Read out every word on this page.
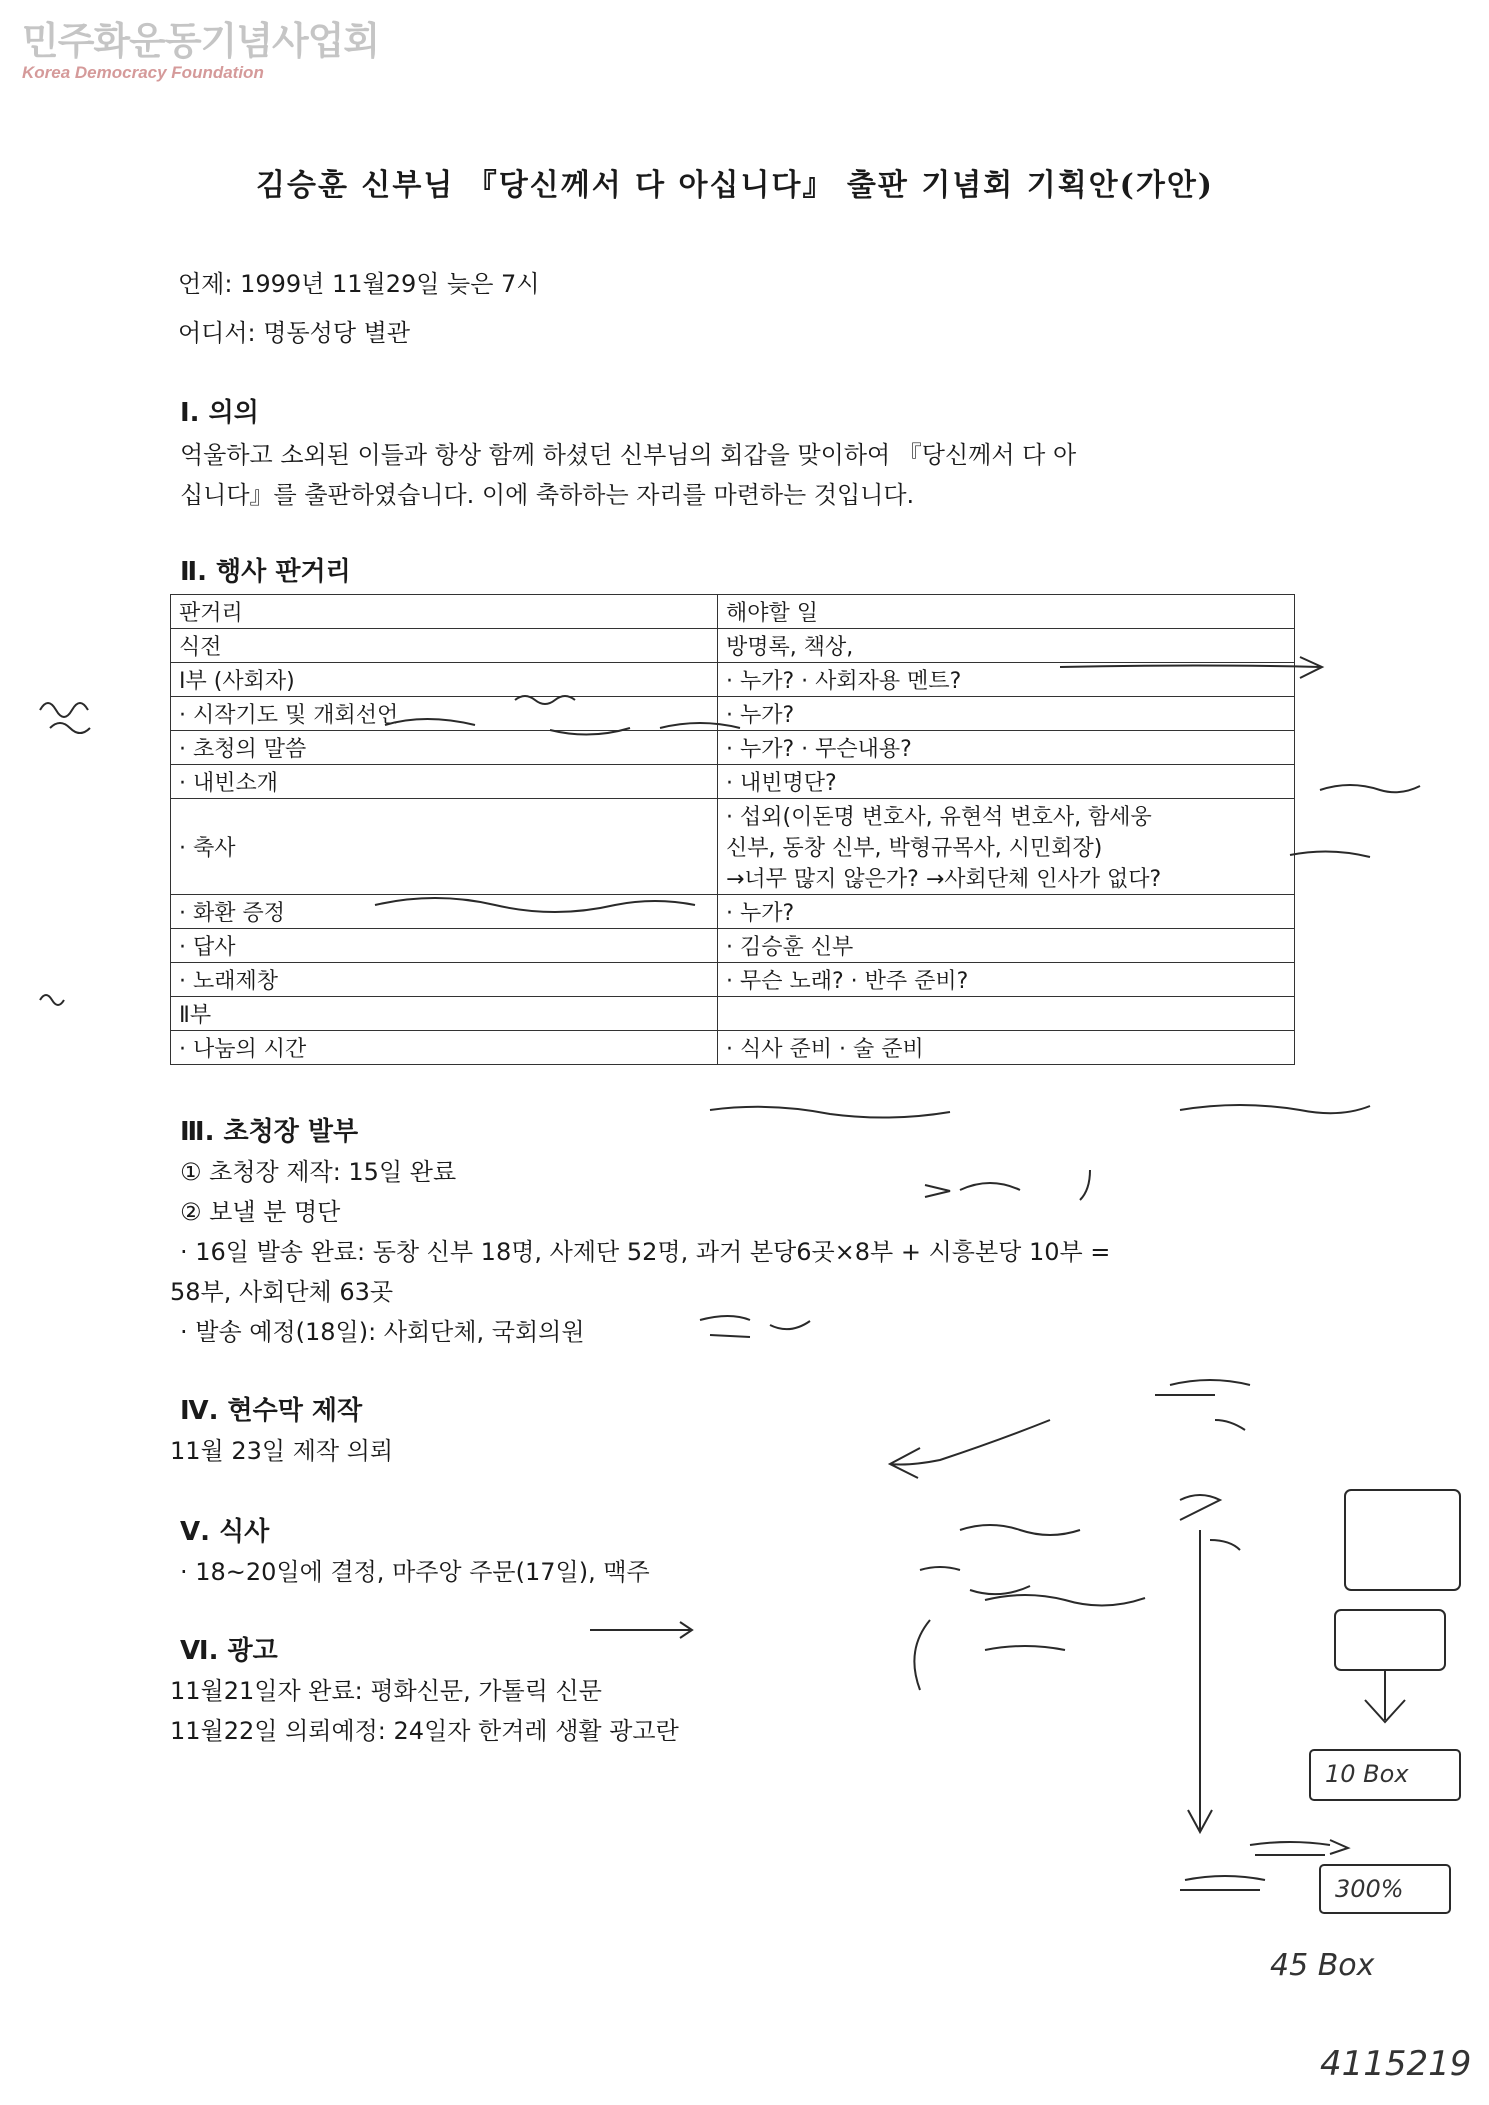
민주화운동기념사업회
Korea Democracy Foundation
김승훈 신부님 『당신께서 다 아십니다』 출판 기념회 기획안(가안)

언제: 1999년 11월29일 늦은 7시

어디서: 명동성당 별관

Ⅰ. 의의

억울하고 소외된 이들과 항상 함께 하셨던 신부님의 회갑을 맞이하여 『당신께서 다 아

십니다』를 출판하였습니다. 이에 축하하는 자리를 마련하는 것입니다.

Ⅱ. 행사 판거리

판거리	해야할 일
식전	방명록, 책상,
Ⅰ부 (사회자)	· 누가? · 사회자용 멘트?
· 시작기도 및 개회선언	· 누가?
· 초청의 말씀	· 누가? · 무슨내용?
· 내빈소개	· 내빈명단?
· 축사	· 섭외(이돈명 변호사, 유현석 변호사, 함세웅
신부, 동창 신부, 박형규목사, 시민회장)
→너무 많지 않은가? →사회단체 인사가 없다?

· 화환 증정	· 누가?
· 답사	· 김승훈 신부
· 노래제창	· 무슨 노래? · 반주 준비?
Ⅱ부	
· 나눔의 시간	· 식사 준비 · 술 준비

Ⅲ. 초청장 발부

① 초청장 제작: 15일 완료

② 보낼 분 명단

· 16일 발송 완료: 동창 신부 18명, 사제단 52명, 과거 본당6곳×8부 + 시흥본당 10부 =

58부, 사회단체 63곳

· 발송 예정(18일): 사회단체, 국회의원

Ⅳ. 현수막 제작

11월 23일 제작 의뢰

Ⅴ. 식사

· 18~20일에 결정, 마주앙 주문(17일), 맥주

Ⅵ. 광고

11월21일자 완료: 평화신문, 가톨릭 신문

11월22일 의뢰예정: 24일자 한겨레 생활 광고란

10 Box
300%
45 Box
4115219
